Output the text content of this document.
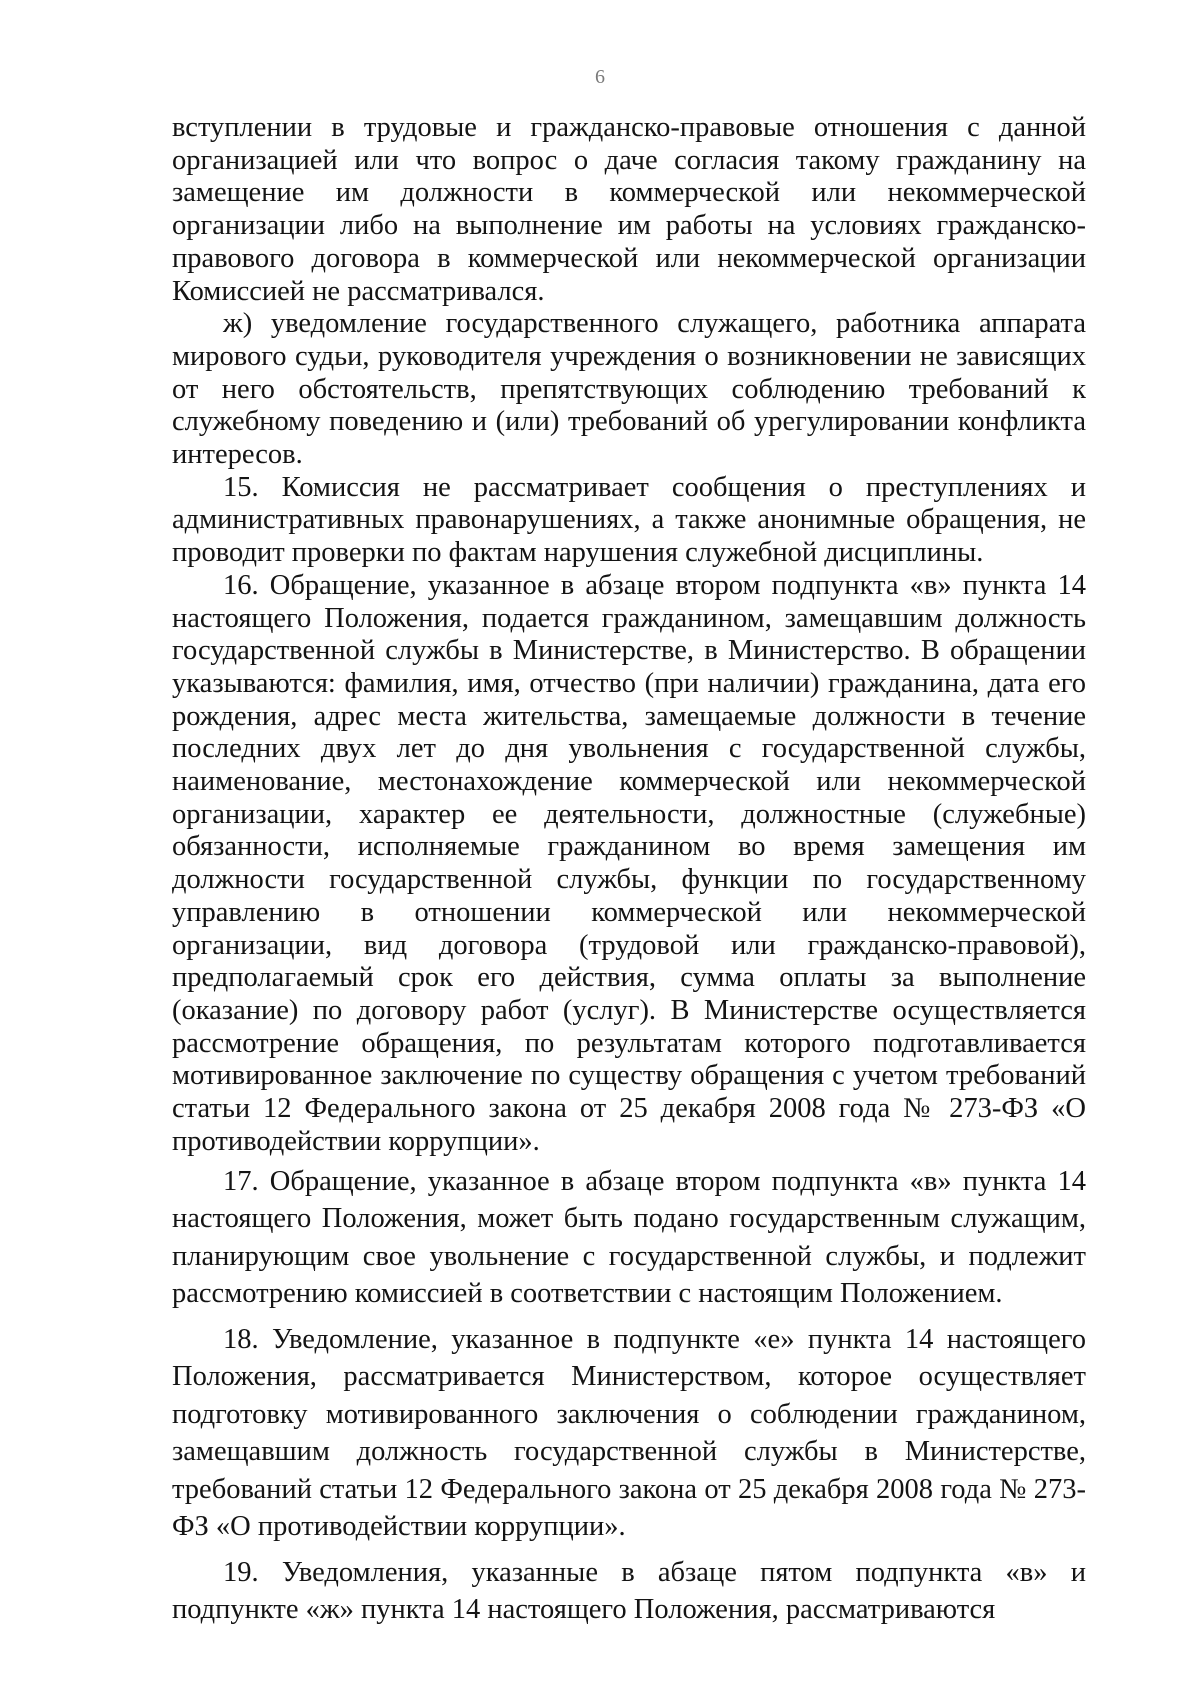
6

вступлении в трудовые и гражданско-правовые отношения с данной организацией или что вопрос о даче согласия такому гражданину на замещение им должности в коммерческой или некоммерческой организации либо на выполнение им работы на условиях гражданско-правового договора в коммерческой или некоммерческой организации Комиссией не рассматривался.

ж) уведомление государственного служащего, работника аппарата мирового судьи, руководителя учреждения о возникновении не зависящих от него обстоятельств, препятствующих соблюдению требований к служебному поведению и (или) требований об урегулировании конфликта интересов.

15. Комиссия не рассматривает сообщения о преступлениях и административных правонарушениях, а также анонимные обращения, не проводит проверки по фактам нарушения служебной дисциплины.

16. Обращение, указанное в абзаце втором подпункта «в» пункта 14 настоящего Положения, подается гражданином, замещавшим должность государственной службы в Министерстве, в Министерство. В обращении указываются: фамилия, имя, отчество (при наличии) гражданина, дата его рождения, адрес места жительства, замещаемые должности в течение последних двух лет до дня увольнения с государственной службы, наименование, местонахождение коммерческой или некоммерческой организации, характер ее деятельности, должностные (служебные) обязанности, исполняемые гражданином во время замещения им должности государственной службы, функции по государственному управлению в отношении коммерческой или некоммерческой организации, вид договора (трудовой или гражданско-правовой), предполагаемый срок его действия, сумма оплаты за выполнение (оказание) по договору работ (услуг). В Министерстве осуществляется рассмотрение обращения, по результатам которого подготавливается мотивированное заключение по существу обращения с учетом требований статьи 12 Федерального закона от 25 декабря 2008 года № 273-ФЗ «О противодействии коррупции».

17. Обращение, указанное в абзаце втором подпункта «в» пункта 14 настоящего Положения, может быть подано государственным служащим, планирующим свое увольнение с государственной службы, и подлежит рассмотрению комиссией в соответствии с настоящим Положением.

18. Уведомление, указанное в подпункте «е» пункта 14 настоящего Положения, рассматривается Министерством, которое осуществляет подготовку мотивированного заключения о соблюдении гражданином, замещавшим должность государственной службы в Министерстве, требований статьи 12 Федерального закона от 25 декабря 2008 года № 273-ФЗ «О противодействии коррупции».

19. Уведомления, указанные в абзаце пятом подпункта «в» и подпункте «ж» пункта 14 настоящего Положения, рассматриваются
